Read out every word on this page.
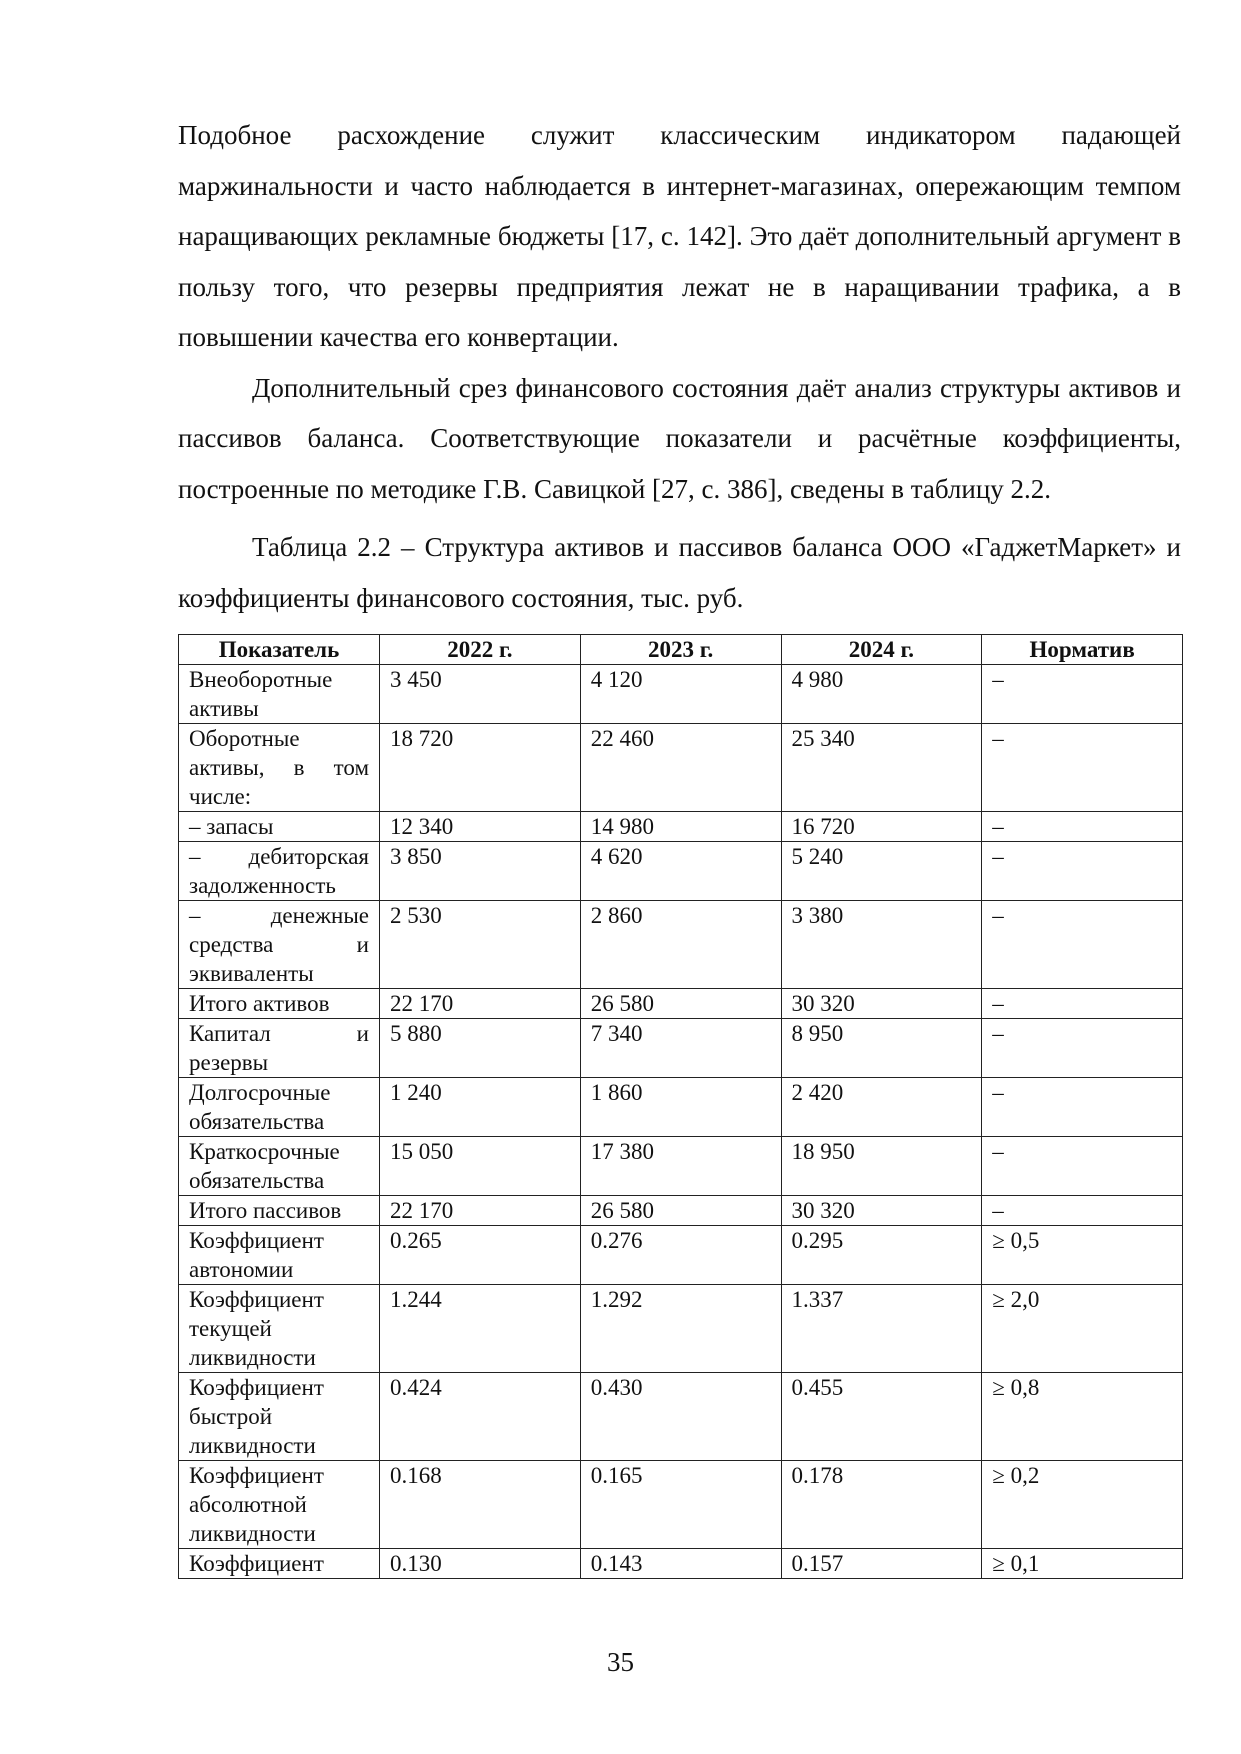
Подобное расхождение служит классическим индикатором падающей маржинальности и часто наблюдается в интернет-магазинах, опережающим темпом наращивающих рекламные бюджеты [17, с. 142]. Это даёт дополнительный аргумент в пользу того, что резервы предприятия лежат не в наращивании трафика, а в повышении качества его конвертации.

Дополнительный срез финансового состояния даёт анализ структуры активов и пассивов баланса. Соответствующие показатели и расчётные коэффициенты, построенные по методике Г.В. Савицкой [27, с. 386], сведены в таблицу 2.2.

Таблица 2.2 – Структура активов и пассивов баланса ООО «ГаджетМаркет» и коэффициенты финансового состояния, тыс. руб.

Показатель	2022 г.	2023 г.	2024 г.	Норматив
Внеоборотные активы	3 450	4 120	4 980	–
Оборотные активы, в том числе:	18 720	22 460	25 340	–
– запасы	12 340	14 980	16 720	–
– дебиторская задолженность	3 850	4 620	5 240	–
– денежные средства и эквиваленты	2 530	2 860	3 380	–
Итого активов	22 170	26 580	30 320	–
Капитал и резервы	5 880	7 340	8 950	–
Долгосрочные обязательства	1 240	1 860	2 420	–
Краткосрочные обязательства	15 050	17 380	18 950	–
Итого пассивов	22 170	26 580	30 320	–
Коэффициент автономии	0.265	0.276	0.295	≥ 0,5
Коэффициент текущей ликвидности	1.244	1.292	1.337	≥ 2,0
Коэффициент быстрой ликвидности	0.424	0.430	0.455	≥ 0,8
Коэффициент абсолютной ликвидности	0.168	0.165	0.178	≥ 0,2
Коэффициент	0.130	0.143	0.157	≥ 0,1
35
